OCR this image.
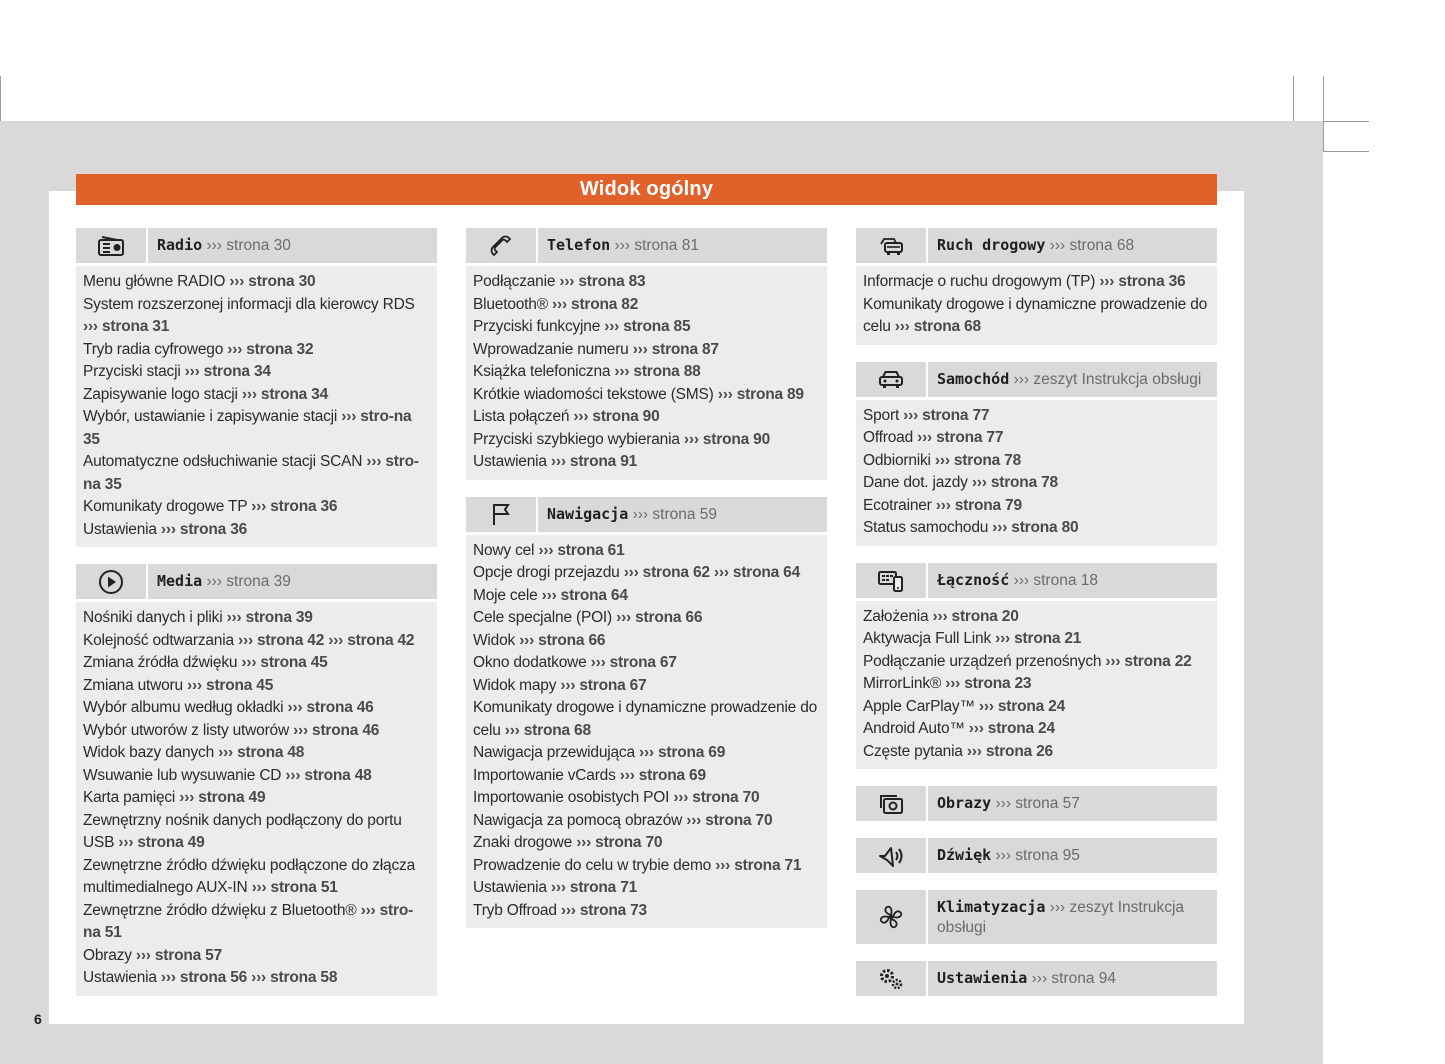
Widok ogólny
Radio ››› strona 30
Menu główne RADIO ››› strona 30
System rozszerzonej informacji dla kierowcy RDS ››› strona 31
Tryb radia cyfrowego ››› strona 32
Przyciski stacji ››› strona 34
Zapisywanie logo stacji ››› strona 34
Wybór, ustawianie i zapisywanie stacji ››› stro-na 35
Automatyczne odsłuchiwanie stacji SCAN ››› stro-na 35
Komunikaty drogowe TP ››› strona 36
Ustawienia ››› strona 36
Media ››› strona 39
Nośniki danych i pliki ››› strona 39
Kolejność odtwarzania ››› strona 42 ››› strona 42
Zmiana źródła dźwięku ››› strona 45
Zmiana utworu ››› strona 45
Wybór albumu według okładki ››› strona 46
Wybór utworów z listy utworów ››› strona 46
Widok bazy danych ››› strona 48
Wsuwanie lub wysuwanie CD ››› strona 48
Karta pamięci ››› strona 49
Zewnętrzny nośnik danych podłączony do portu USB ››› strona 49
Zewnętrzne źródło dźwięku podłączone do złącza multimedialnego AUX-IN ››› strona 51
Zewnętrzne źródło dźwięku z Bluetooth® ››› stro-na 51
Obrazy ››› strona 57
Ustawienia ››› strona 56 ››› strona 58
Telefon ››› strona 81
Podłączanie ››› strona 83
Bluetooth® ››› strona 82
Przyciski funkcyjne ››› strona 85
Wprowadzanie numeru ››› strona 87
Książka telefoniczna ››› strona 88
Krótkie wiadomości tekstowe (SMS) ››› strona 89
Lista połączeń ››› strona 90
Przyciski szybkiego wybierania ››› strona 90
Ustawienia ››› strona 91
Nawigacja ››› strona 59
Nowy cel ››› strona 61
Opcje drogi przejazdu ››› strona 62 ››› strona 64
Moje cele ››› strona 64
Cele specjalne (POI) ››› strona 66
Widok ››› strona 66
Okno dodatkowe ››› strona 67
Widok mapy ››› strona 67
Komunikaty drogowe i dynamiczne prowadzenie do celu ››› strona 68
Nawigacja przewidująca ››› strona 69
Importowanie vCards ››› strona 69
Importowanie osobistych POI ››› strona 70
Nawigacja za pomocą obrazów ››› strona 70
Znaki drogowe ››› strona 70
Prowadzenie do celu w trybie demo ››› strona 71
Ustawienia ››› strona 71
Tryb Offroad ››› strona 73
Ruch drogowy ››› strona 68
Informacje o ruchu drogowym (TP) ››› strona 36
Komunikaty drogowe i dynamiczne prowadzenie do celu ››› strona 68
Samochód ››› zeszyt Instrukcja obsługi
Sport ››› strona 77
Offroad ››› strona 77
Odbiorniki ››› strona 78
Dane dot. jazdy ››› strona 78
Ecotrainer ››› strona 79
Status samochodu ››› strona 80
Łączność ››› strona 18
Założenia ››› strona 20
Aktywacja Full Link ››› strona 21
Podłączanie urządzeń przenośnych ››› strona 22
MirrorLink® ››› strona 23
Apple CarPlay™ ››› strona 24
Android Auto™ ››› strona 24
Częste pytania ››› strona 26
Obrazy ››› strona 57
Dźwięk ››› strona 95
Klimatyzacja ››› zeszyt Instrukcja obsługi
Ustawienia ››› strona 94
6
